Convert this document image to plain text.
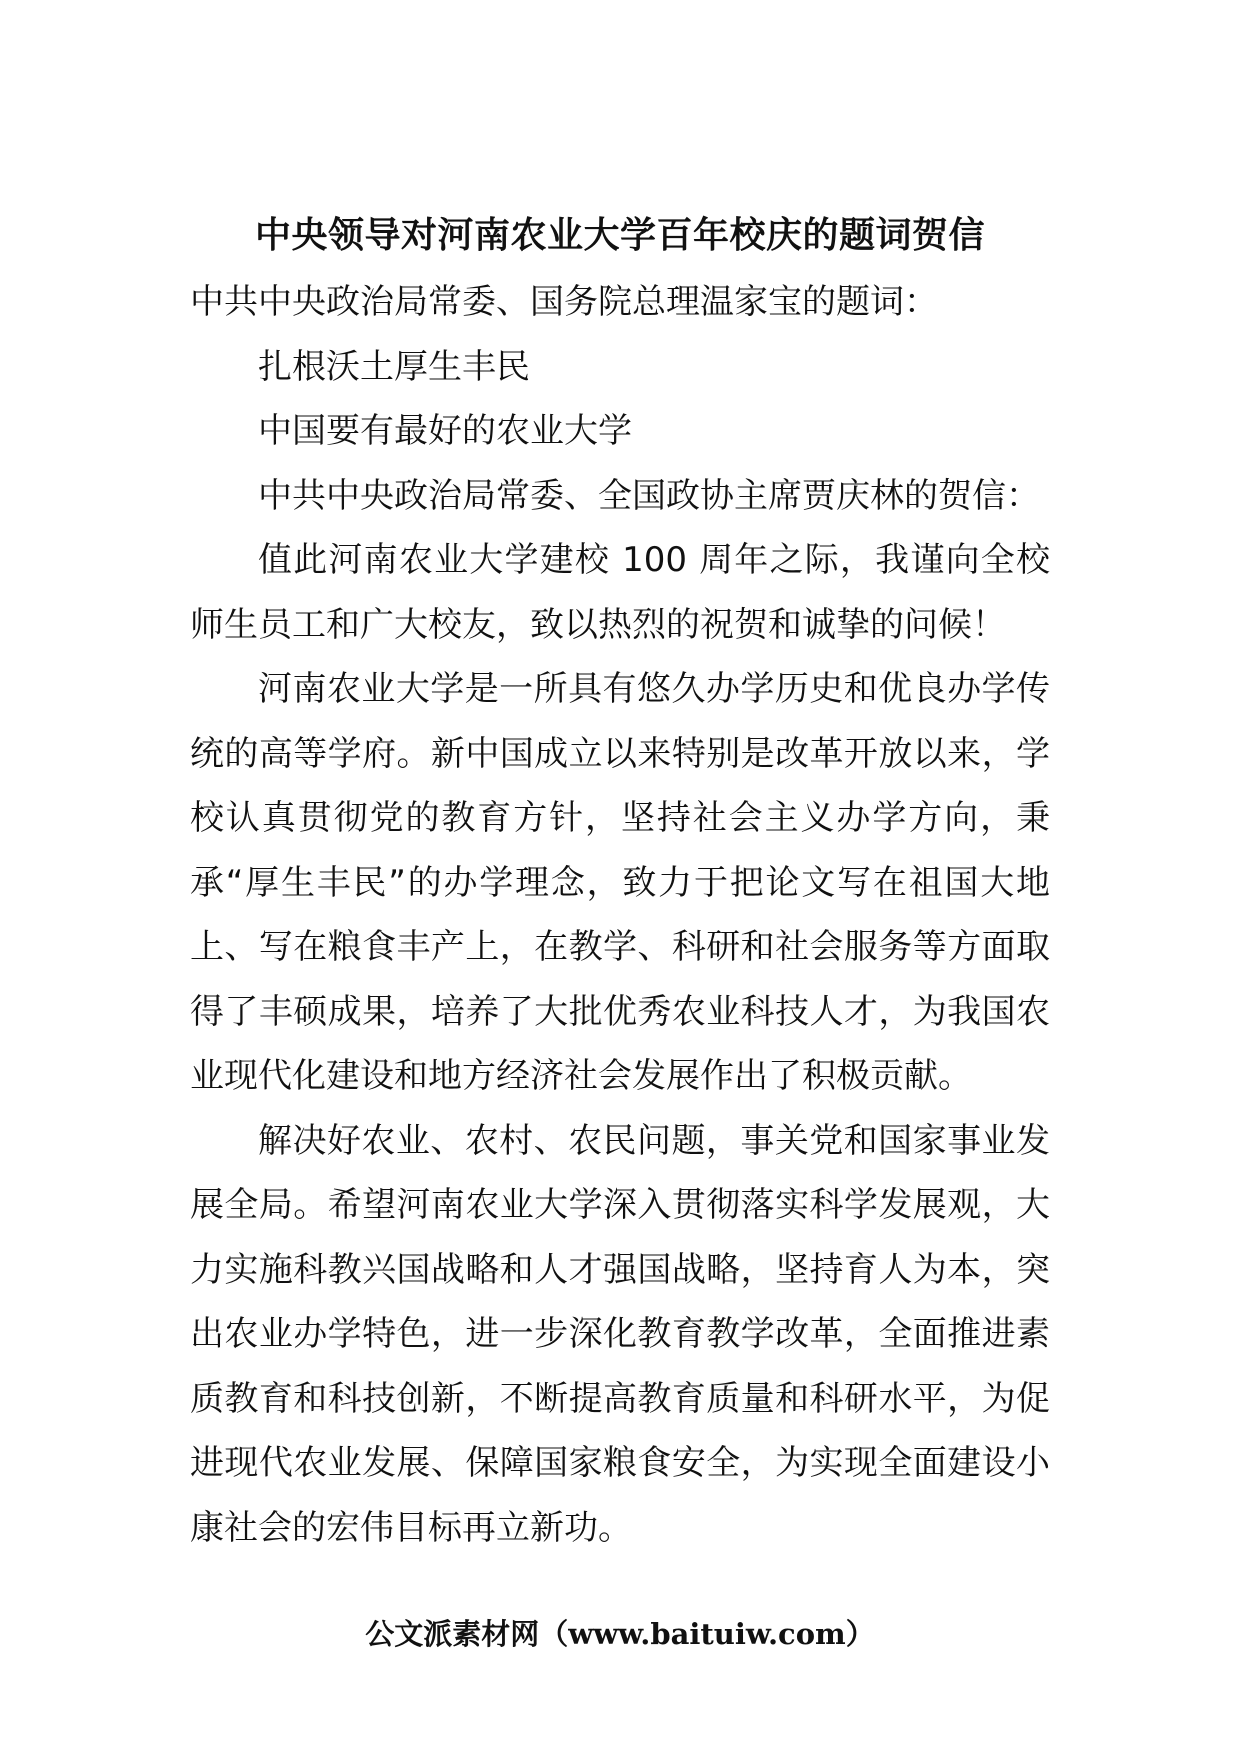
中央领导对河南农业大学百年校庆的题词贺信

中共中央政治局常委、国务院总理温家宝的题词：

扎根沃土厚生丰民

中国要有最好的农业大学

中共中央政治局常委、全国政协主席贾庆林的贺信：

值此河南农业大学建校 100 周年之际，我谨向全校师生员工和广大校友，致以热烈的祝贺和诚挚的问候！

河南农业大学是一所具有悠久办学历史和优良办学传统的高等学府。新中国成立以来特别是改革开放以来，学校认真贯彻党的教育方针，坚持社会主义办学方向，秉承“厚生丰民”的办学理念，致力于把论文写在祖国大地上、写在粮食丰产上，在教学、科研和社会服务等方面取得了丰硕成果，培养了大批优秀农业科技人才，为我国农业现代化建设和地方经济社会发展作出了积极贡献。

解决好农业、农村、农民问题，事关党和国家事业发展全局。希望河南农业大学深入贯彻落实科学发展观，大力实施科教兴国战略和人才强国战略，坚持育人为本，突出农业办学特色，进一步深化教育教学改革，全面推进素质教育和科技创新，不断提高教育质量和科研水平，为促进现代农业发展、保障国家粮食安全，为实现全面建设小康社会的宏伟目标再立新功。

公文派素材网（www.baituiw.com）
